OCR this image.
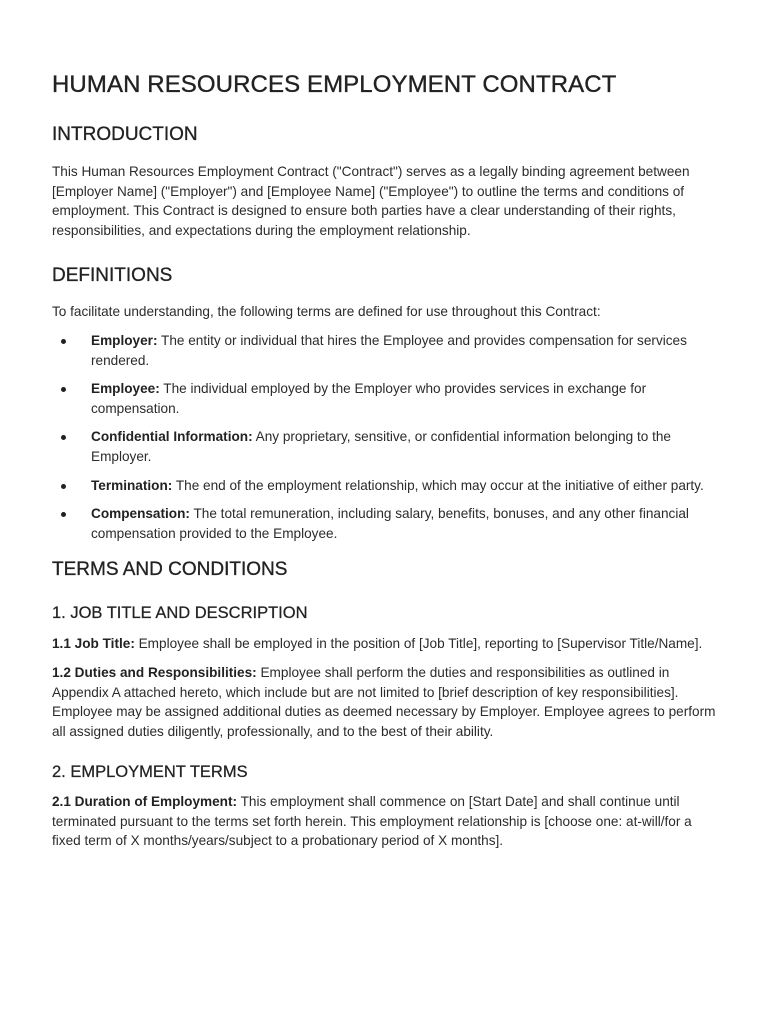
HUMAN RESOURCES EMPLOYMENT CONTRACT
INTRODUCTION

This Human Resources Employment Contract ("Contract") serves as a legally binding agreement between [Employer Name] ("Employer") and [Employee Name] ("Employee") to outline the terms and conditions of employment. This Contract is designed to ensure both parties have a clear understanding of their rights, responsibilities, and expectations during the employment relationship.

DEFINITIONS

To facilitate understanding, the following terms are defined for use throughout this Contract:

Employer: The entity or individual that hires the Employee and provides compensation for services rendered.

Employee: The individual employed by the Employer who provides services in exchange for compensation.

Confidential Information: Any proprietary, sensitive, or confidential information belonging to the Employer.

Termination: The end of the employment relationship, which may occur at the initiative of either party.

Compensation: The total remuneration, including salary, benefits, bonuses, and any other financial compensation provided to the Employee.

TERMS AND CONDITIONS
1. JOB TITLE AND DESCRIPTION

1.1 Job Title: Employee shall be employed in the position of [Job Title], reporting to [Supervisor Title/Name].

1.2 Duties and Responsibilities: Employee shall perform the duties and responsibilities as outlined in Appendix A attached hereto, which include but are not limited to [brief description of key responsibilities]. Employee may be assigned additional duties as deemed necessary by Employer. Employee agrees to perform all assigned duties diligently, professionally, and to the best of their ability.

2. EMPLOYMENT TERMS

2.1 Duration of Employment: This employment shall commence on [Start Date] and shall continue until terminated pursuant to the terms set forth herein. This employment relationship is [choose one: at-will/for a fixed term of X months/years/subject to a probationary period of X months].
